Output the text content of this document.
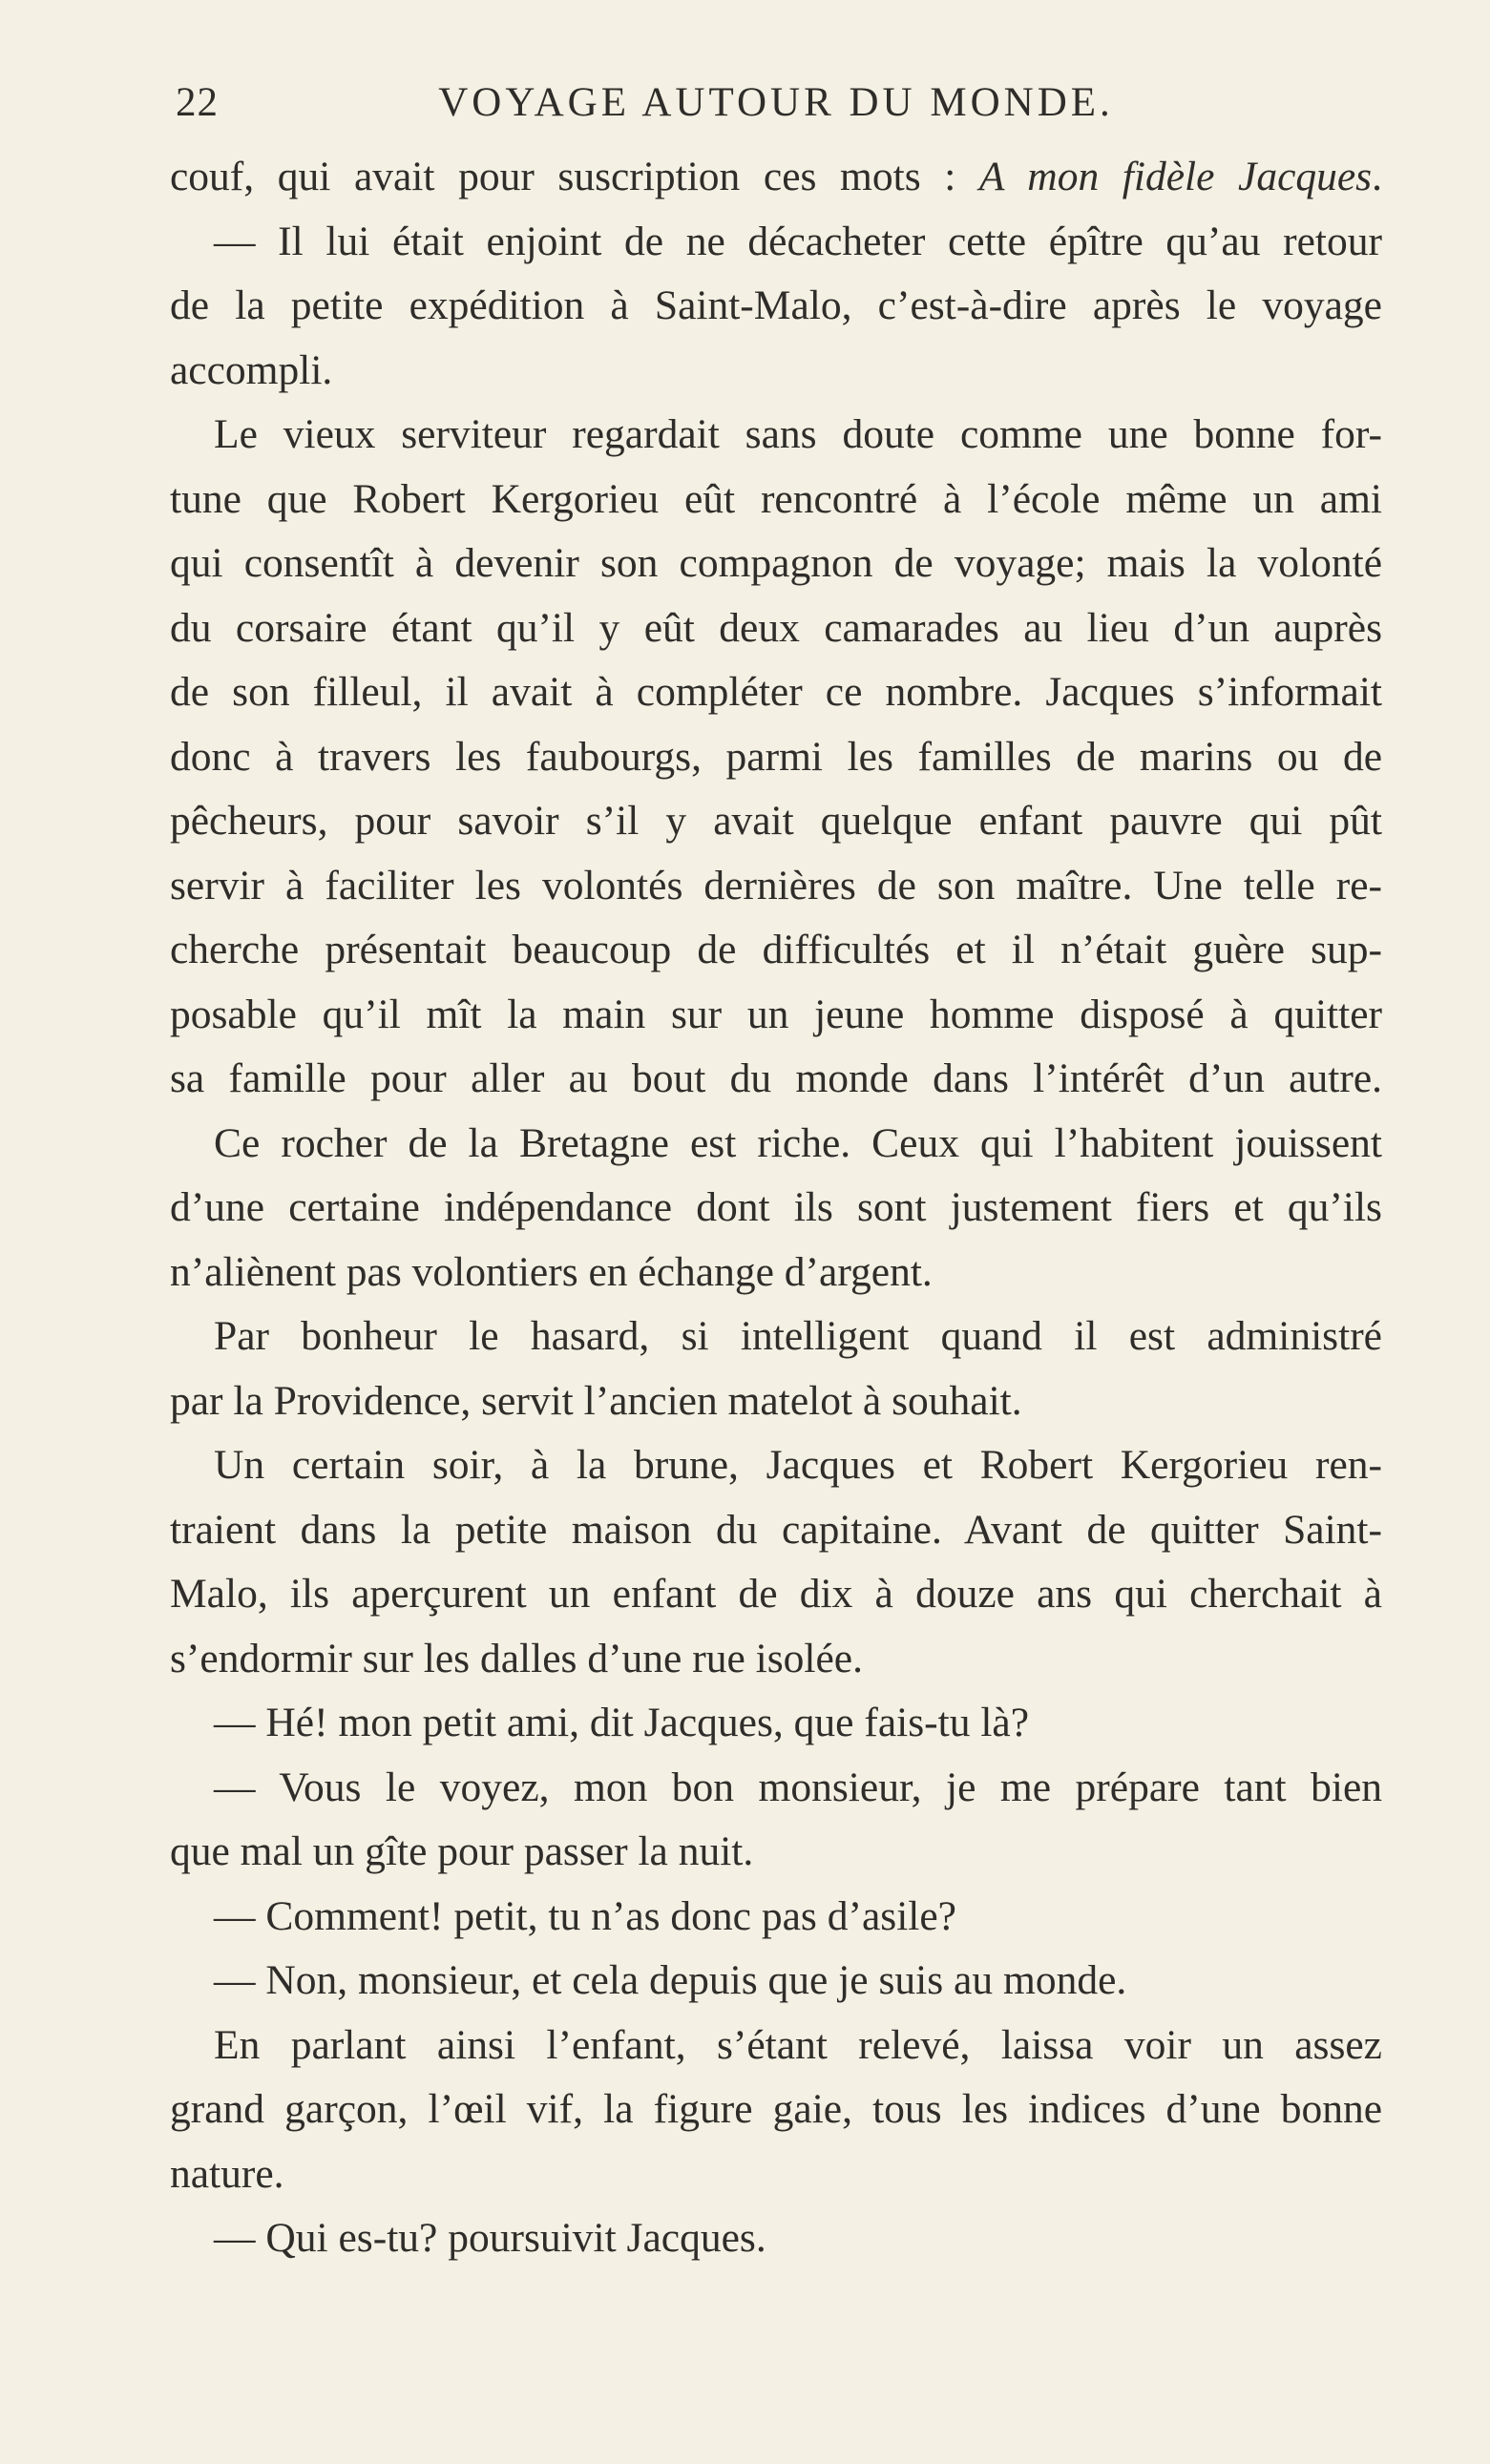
22	VOYAGE AUTOUR DU MONDE.
couf, qui avait pour suscription ces mots : A mon fidèle Jacques.
— Il lui était enjoint de ne décacheter cette épître qu’au retour
de la petite expédition à Saint-Malo, c’est-à-dire après le voyage
accompli.
Le vieux serviteur regardait sans doute comme une bonne for-
tune que Robert Kergorieu eût rencontré à l’école même un ami
qui consentît à devenir son compagnon de voyage; mais la volonté
du corsaire étant qu’il y eût deux camarades au lieu d’un auprès
de son filleul, il avait à compléter ce nombre. Jacques s’informait
donc à travers les faubourgs, parmi les familles de marins ou de
pêcheurs, pour savoir s’il y avait quelque enfant pauvre qui pût
servir à faciliter les volontés dernières de son maître. Une telle re-
cherche présentait beaucoup de difficultés et il n’était guère sup-
posable qu’il mît la main sur un jeune homme disposé à quitter
sa famille pour aller au bout du monde dans l’intérêt d’un autre.
Ce rocher de la Bretagne est riche. Ceux qui l’habitent jouissent
d’une certaine indépendance dont ils sont justement fiers et qu’ils
n’aliènent pas volontiers en échange d’argent.
Par bonheur le hasard, si intelligent quand il est administré
par la Providence, servit l’ancien matelot à souhait.
Un certain soir, à la brune, Jacques et Robert Kergorieu ren-
traient dans la petite maison du capitaine. Avant de quitter Saint-
Malo, ils aperçurent un enfant de dix à douze ans qui cherchait à
s’endormir sur les dalles d’une rue isolée.
— Hé! mon petit ami, dit Jacques, que fais-tu là?
— Vous le voyez, mon bon monsieur, je me prépare tant bien
que mal un gîte pour passer la nuit.
— Comment! petit, tu n’as donc pas d’asile?
— Non, monsieur, et cela depuis que je suis au monde.
En parlant ainsi l’enfant, s’étant relevé, laissa voir un assez
grand garçon, l’œil vif, la figure gaie, tous les indices d’une bonne
nature.
— Qui es-tu? poursuivit Jacques.
